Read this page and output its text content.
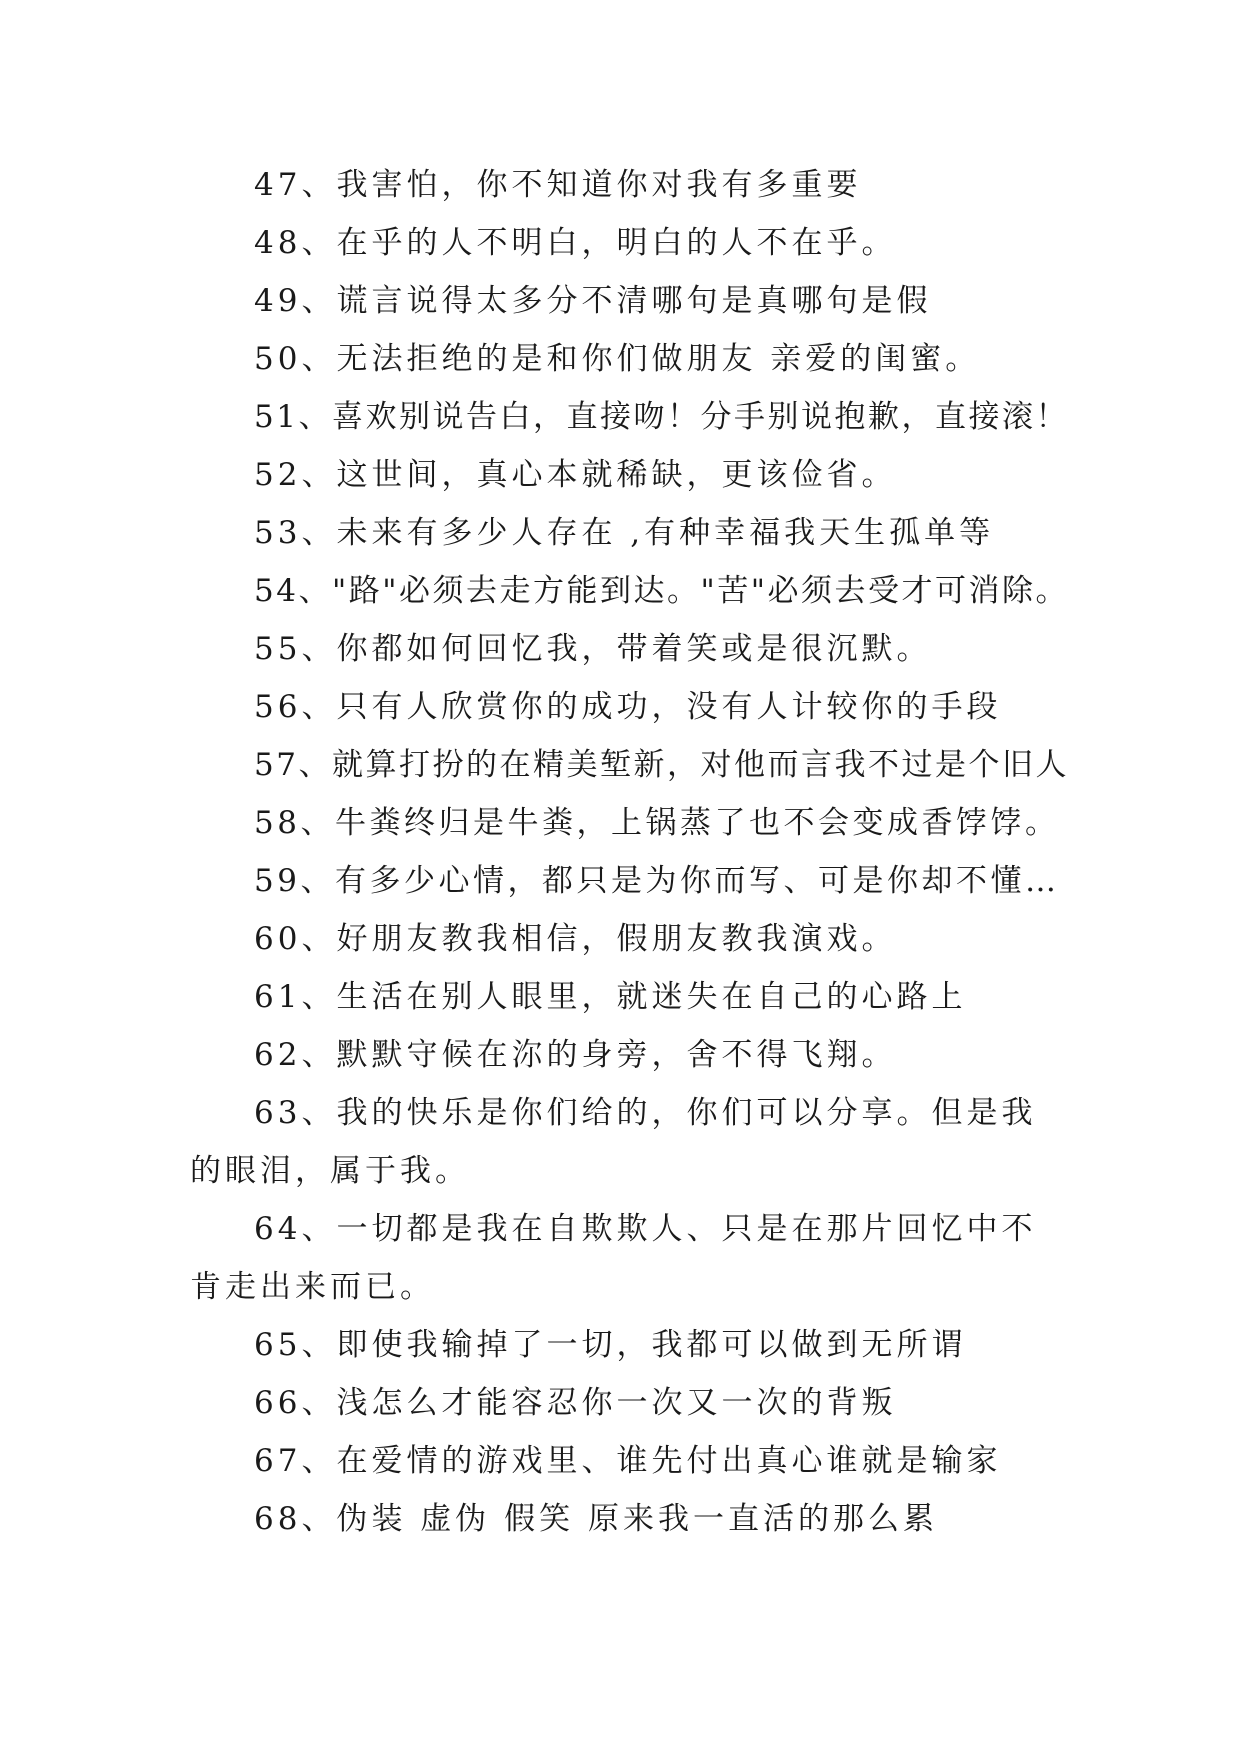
47、我害怕，你不知道你对我有多重要

48、在乎的人不明白，明白的人不在乎。

49、谎言说得太多分不清哪句是真哪句是假

50、无法拒绝的是和你们做朋友 亲爱的闺蜜。

51、喜欢别说告白，直接吻！分手别说抱歉，直接滚！

52、这世间，真心本就稀缺，更该俭省。

53、未来有多少人存在 ,有种幸福我天生孤单等

54、"路"必须去走方能到达。"苦"必须去受才可消除。

55、你都如何回忆我，带着笑或是很沉默。

56、只有人欣赏你的成功，没有人计较你的手段

57、就算打扮的在精美堑新，对他而言我不过是个旧人

58、牛粪终归是牛粪，上锅蒸了也不会变成香饽饽。

59、有多少心情，都只是为你而写、可是你却不懂…

60、好朋友教我相信，假朋友教我演戏。

61、生活在别人眼里，就迷失在自己的心路上

62、默默守候在沵的身旁，舍不得飞翔。

63、我的快乐是你们给的，你们可以分享。但是我的眼泪，属于我。

64、一切都是我在自欺欺人、只是在那片回忆中不肯走出来而已。

65、即使我输掉了一切，我都可以做到无所谓

66、浅怎么才能容忍你一次又一次的背叛

67、在爱情的游戏里、谁先付出真心谁就是输家

68、伪装 虚伪 假笑 原来我一直活的那么累
